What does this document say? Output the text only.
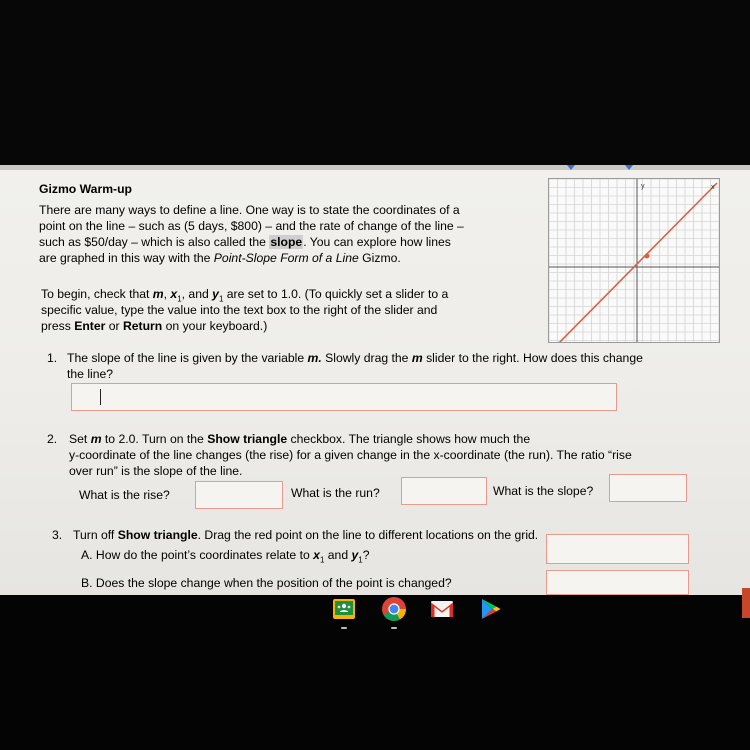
Gizmo Warm-up
There are many ways to define a line. One way is to state the coordinates of a
point on the line – such as (5 days, $800) – and the rate of change of the line –
such as $50/day – which is also called the slope. You can explore how lines
are graphed in this way with the Point-Slope Form of a Line Gizmo.
To begin, check that m, $x_1$, and $y_1$ are set to 1.0. (To quickly set a slider to a
specific value, type the value into the text box to the right of the slider and
press Enter or Return on your keyboard.)
y	x
1. The slope of the line is given by the variable m. Slowly drag the m slider to the right. How does this change
the line?
2. Set m to 2.0. Turn on the Show triangle checkbox. The triangle shows how much the
y-coordinate of the line changes (the rise) for a given change in the x-coordinate (the run). The ratio “rise
over run” is the slope of the line.
What is the rise?	What is the run?	What is the slope?
3. Turn off Show triangle. Drag the red point on the line to different locations on the grid.
A. How do the point’s coordinates relate to $x_1$ and $y_1$?
B. Does the slope change when the position of the point is changed?
